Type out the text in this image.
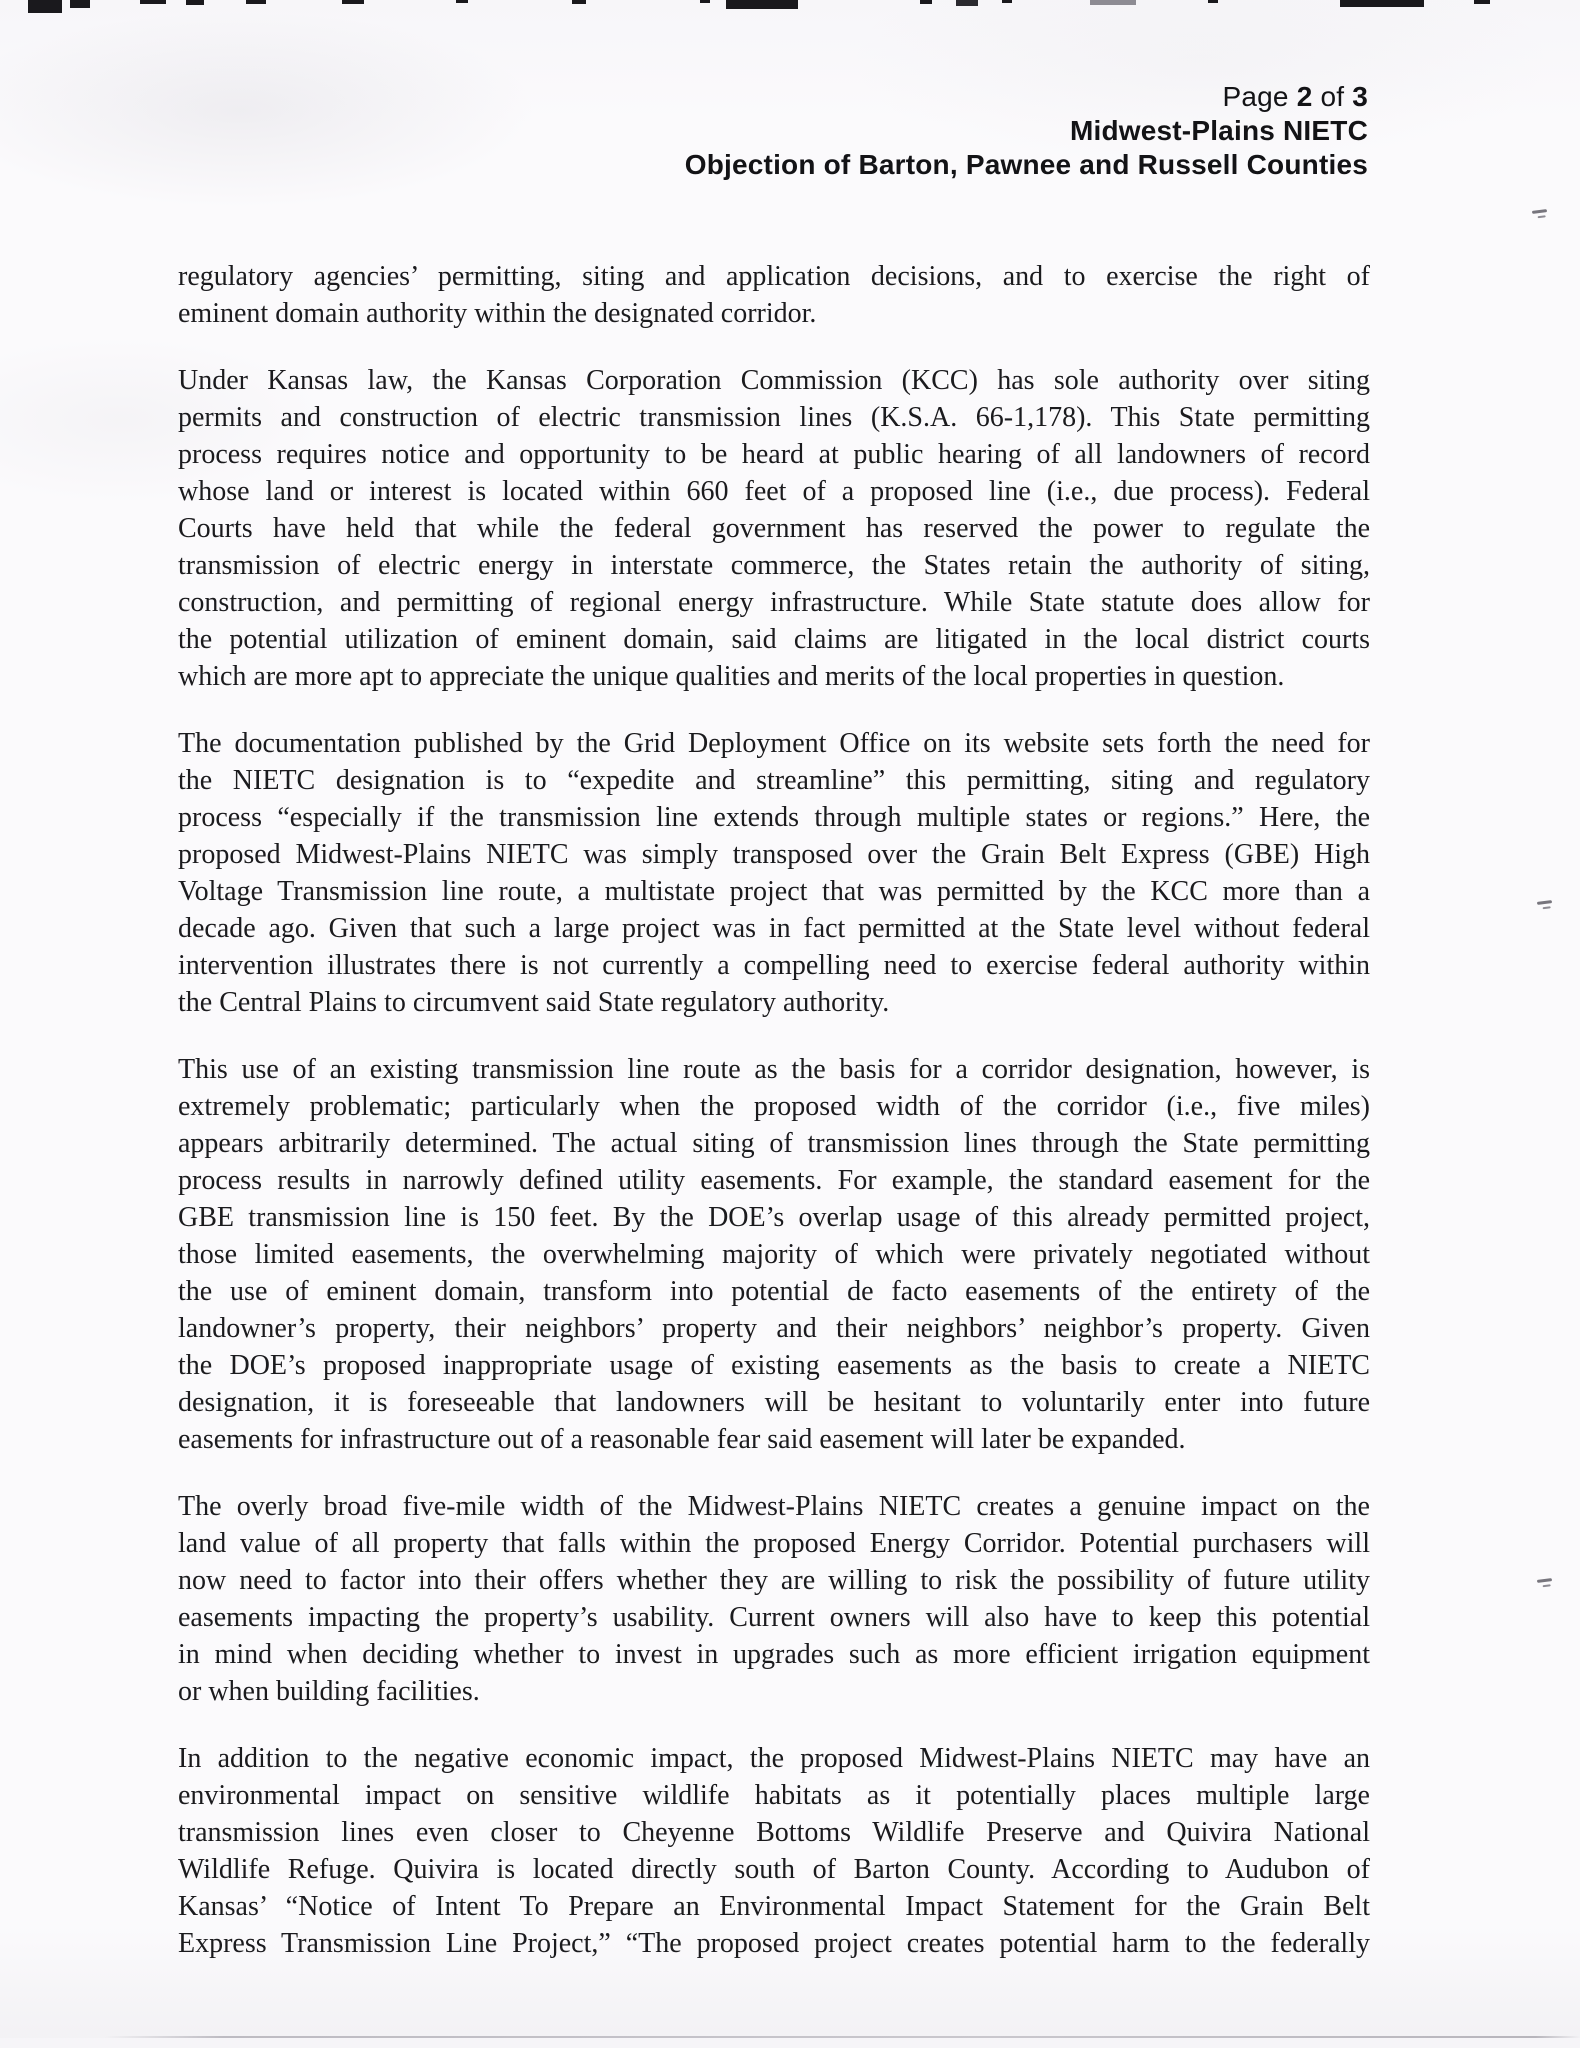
Page 2 of 3
Midwest-Plains NIETC
Objection of Barton, Pawnee and Russell Counties

regulatory agencies’ permitting, siting and application decisions, and to exercise the right of
eminent domain authority within the designated corridor.

Under Kansas law, the Kansas Corporation Commission (KCC) has sole authority over siting
permits and construction of electric transmission lines (K.S.A. 66-1,178). This State permitting
process requires notice and opportunity to be heard at public hearing of all landowners of record
whose land or interest is located within 660 feet of a proposed line (i.e., due process). Federal
Courts have held that while the federal government has reserved the power to regulate the
transmission of electric energy in interstate commerce, the States retain the authority of siting,
construction, and permitting of regional energy infrastructure. While State statute does allow for
the potential utilization of eminent domain, said claims are litigated in the local district courts
which are more apt to appreciate the unique qualities and merits of the local properties in question.

The documentation published by the Grid Deployment Office on its website sets forth the need for
the NIETC designation is to “expedite and streamline” this permitting, siting and regulatory
process “especially if the transmission line extends through multiple states or regions.” Here, the
proposed Midwest-Plains NIETC was simply transposed over the Grain Belt Express (GBE) High
Voltage Transmission line route, a multistate project that was permitted by the KCC more than a
decade ago. Given that such a large project was in fact permitted at the State level without federal
intervention illustrates there is not currently a compelling need to exercise federal authority within
the Central Plains to circumvent said State regulatory authority.

This use of an existing transmission line route as the basis for a corridor designation, however, is
extremely problematic; particularly when the proposed width of the corridor (i.e., five miles)
appears arbitrarily determined. The actual siting of transmission lines through the State permitting
process results in narrowly defined utility easements. For example, the standard easement for the
GBE transmission line is 150 feet. By the DOE’s overlap usage of this already permitted project,
those limited easements, the overwhelming majority of which were privately negotiated without
the use of eminent domain, transform into potential de facto easements of the entirety of the
landowner’s property, their neighbors’ property and their neighbors’ neighbor’s property. Given
the DOE’s proposed inappropriate usage of existing easements as the basis to create a NIETC
designation, it is foreseeable that landowners will be hesitant to voluntarily enter into future
easements for infrastructure out of a reasonable fear said easement will later be expanded.

The overly broad five-mile width of the Midwest-Plains NIETC creates a genuine impact on the
land value of all property that falls within the proposed Energy Corridor. Potential purchasers will
now need to factor into their offers whether they are willing to risk the possibility of future utility
easements impacting the property’s usability. Current owners will also have to keep this potential
in mind when deciding whether to invest in upgrades such as more efficient irrigation equipment
or when building facilities.

In addition to the negative economic impact, the proposed Midwest-Plains NIETC may have an
environmental impact on sensitive wildlife habitats as it potentially places multiple large
transmission lines even closer to Cheyenne Bottoms Wildlife Preserve and Quivira National
Wildlife Refuge. Quivira is located directly south of Barton County. According to Audubon of
Kansas’ “Notice of Intent To Prepare an Environmental Impact Statement for the Grain Belt
Express Transmission Line Project,” “The proposed project creates potential harm to the federally
